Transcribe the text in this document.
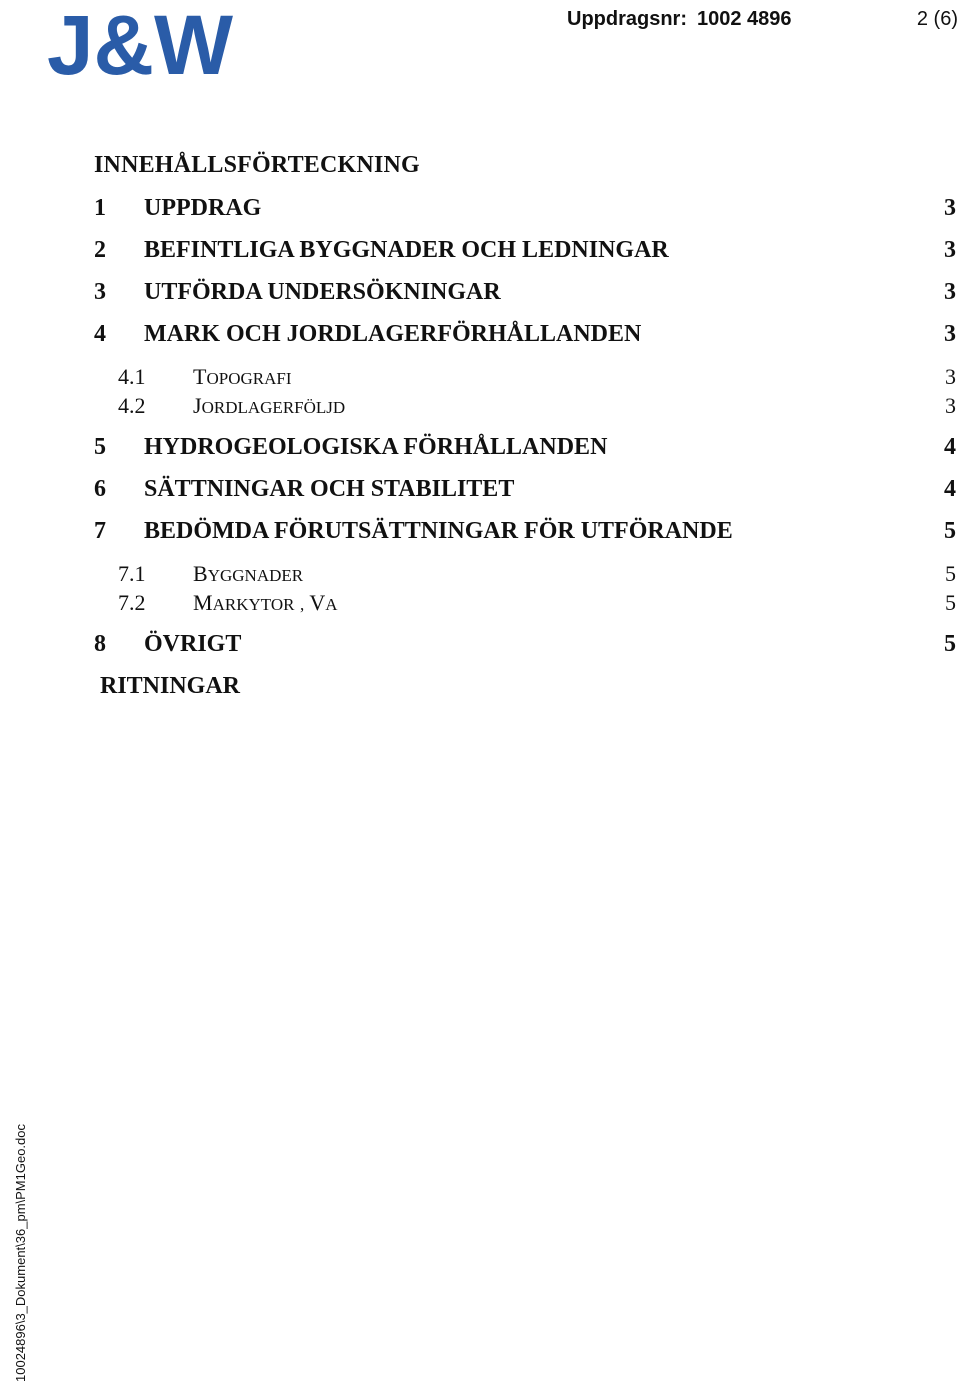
J&W	Uppdragsnr: 1002 4896	2 (6)
INNEHÅLLSFÖRTECKNING
1 UPPDRAG	3
2 BEFINTLIGA BYGGNADER OCH LEDNINGAR	3
3 UTFÖRDA UNDERSÖKNINGAR	3
4 MARK OCH JORDLAGERFÖRHÅLLANDEN	3
4.1 TOPOGRAFI	3
4.2 JORDLAGERFÖLJD	3
5 HYDROGEOLOGISKA FÖRHÅLLANDEN	4
6 SÄTTNINGAR OCH STABILITET	4
7 BEDÖMDA FÖRUTSÄTTNINGAR FÖR UTFÖRANDE	5
7.1 BYGGNADER	5
7.2 MARKYTOR , VA	5
8 ÖVRIGT	5
RITNINGAR
10024896\3_Dokument\36_pm\PM1Geo.doc
